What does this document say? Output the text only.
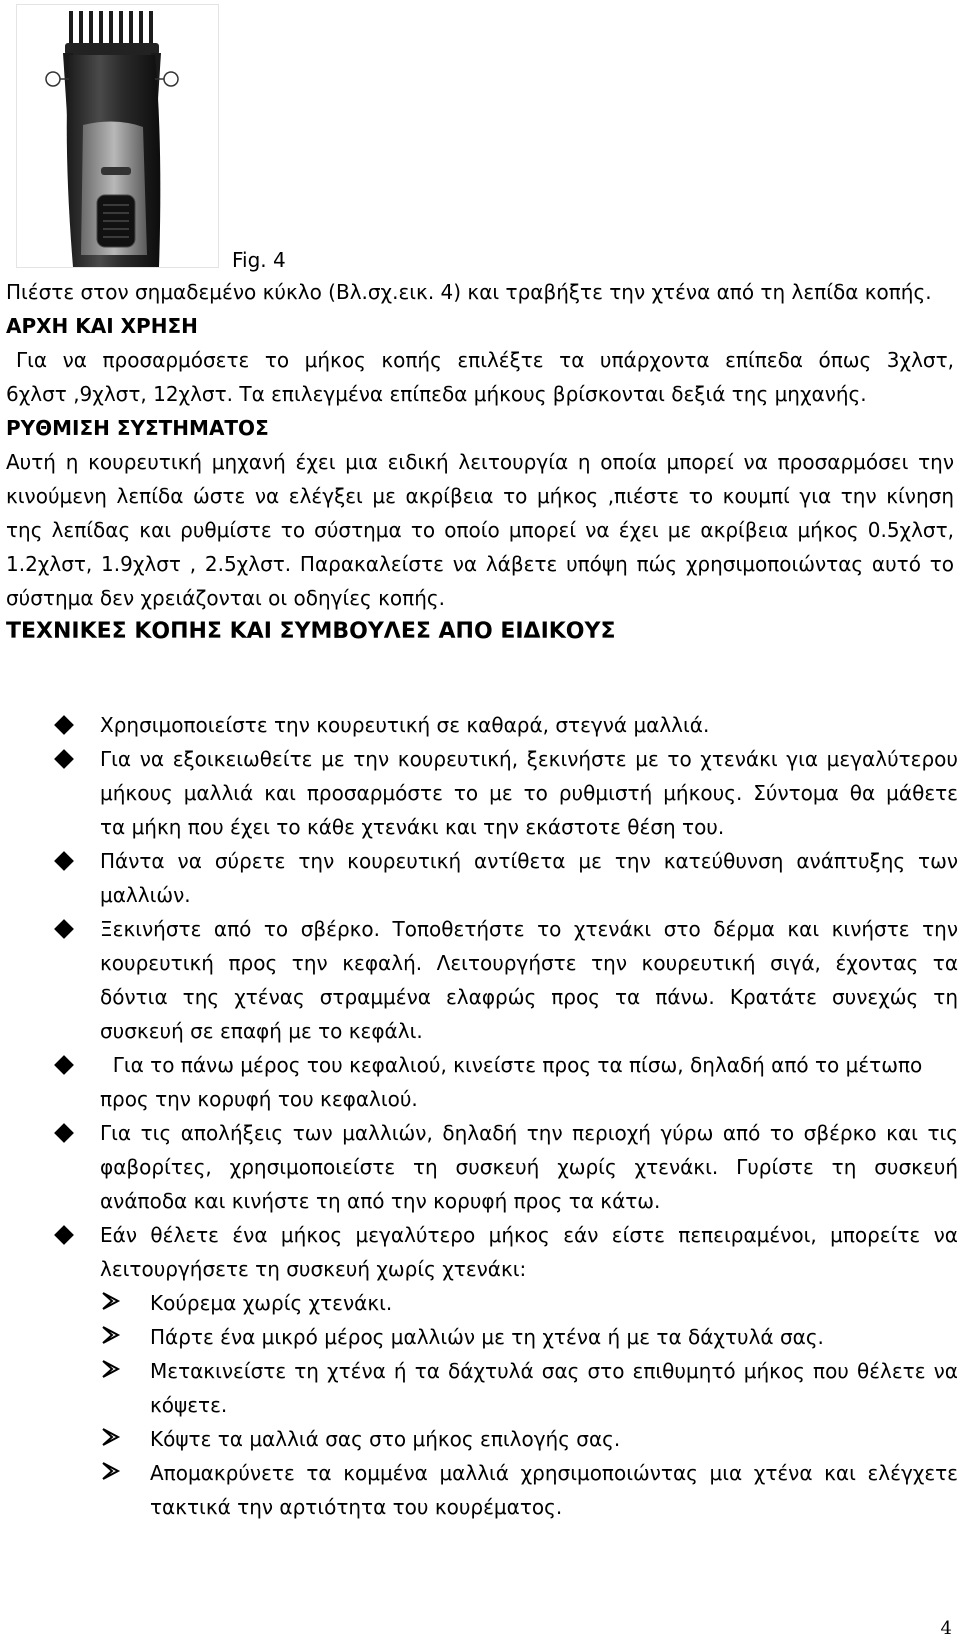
Fig. 4
Πιέστε στον σημαδεμένο κύκλο (Βλ.σχ.εικ. 4) και τραβήξτε την χτένα από τη λεπίδα κοπής.
ΑΡΧΗ ΚΑΙ ΧΡΗΣΗ
Για να προσαρμόσετε το μήκος κοπής επιλέξτε τα υπάρχοντα επίπεδα όπως 3χλστ,
6χλστ ,9χλστ, 12χλστ. Τα επιλεγμένα επίπεδα μήκους βρίσκονται δεξιά της μηχανής.
ΡΥΘΜΙΣΗ ΣΥΣΤΗΜΑΤΟΣ
Αυτή η κουρευτική μηχανή έχει μια ειδική λειτουργία η οποία μπορεί να προσαρμόσει την
κινούμενη λεπίδα ώστε να ελέγξει με ακρίβεια το μήκος ,πιέστε το κουμπί για την κίνηση
της λεπίδας και ρυθμίστε το σύστημα το οποίο μπορεί να έχει με ακρίβεια μήκος 0.5χλστ,
1.2χλστ, 1.9χλστ , 2.5χλστ. Παρακαλείστε να λάβετε υπόψη πώς χρησιμοποιώντας αυτό το
σύστημα δεν χρειάζονται οι οδηγίες κοπής.
ΤΕΧΝΙΚΕΣ ΚΟΠΗΣ ΚΑΙ ΣΥΜΒΟΥΛΕΣ ΑΠΟ ΕΙΔΙΚΟΥΣ
Χρησιμοποιείστε την κουρευτική σε καθαρά, στεγνά μαλλιά.
Για να εξοικειωθείτε με την κουρευτική, ξεκινήστε με το χτενάκι για μεγαλύτερου
μήκους μαλλιά και προσαρμόστε το με το ρυθμιστή μήκους. Σύντομα θα μάθετε
τα μήκη που έχει το κάθε χτενάκι και την εκάστοτε θέση του.
Πάντα να σύρετε την κουρευτική αντίθετα με την κατεύθυνση ανάπτυξης των
μαλλιών.
Ξεκινήστε από το σβέρκο. Τοποθετήστε το χτενάκι στο δέρμα και κινήστε την
κουρευτική προς την κεφαλή. Λειτουργήστε την κουρευτική σιγά, έχοντας τα
δόντια της χτένας στραμμένα ελαφρώς προς τα πάνω. Κρατάτε συνεχώς τη
συσκευή σε επαφή με το κεφάλι.
Για το πάνω μέρος του κεφαλιού, κινείστε προς τα πίσω, δηλαδή από το μέτωπο
προς την κορυφή του κεφαλιού.
Για τις απολήξεις των μαλλιών, δηλαδή την περιοχή γύρω από το σβέρκο και τις
φαβορίτες, χρησιμοποιείστε τη συσκευή χωρίς χτενάκι. Γυρίστε τη συσκευή
ανάποδα και κινήστε τη από την κορυφή προς τα κάτω.
Εάν θέλετε ένα μήκος μεγαλύτερο μήκος εάν είστε πεπειραμένοι, μπορείτε να
λειτουργήσετε τη συσκευή χωρίς χτενάκι:
Κούρεμα χωρίς χτενάκι.
Πάρτε ένα μικρό μέρος μαλλιών με τη χτένα ή με τα δάχτυλά σας.
Μετακινείστε τη χτένα ή τα δάχτυλά σας στο επιθυμητό μήκος που θέλετε να
κόψετε.
Κόψτε τα μαλλιά σας στο μήκος επιλογής σας.
Απομακρύνετε τα κομμένα μαλλιά χρησιμοποιώντας μια χτένα και ελέγχετε
τακτικά την αρτιότητα του κουρέματος.
4
